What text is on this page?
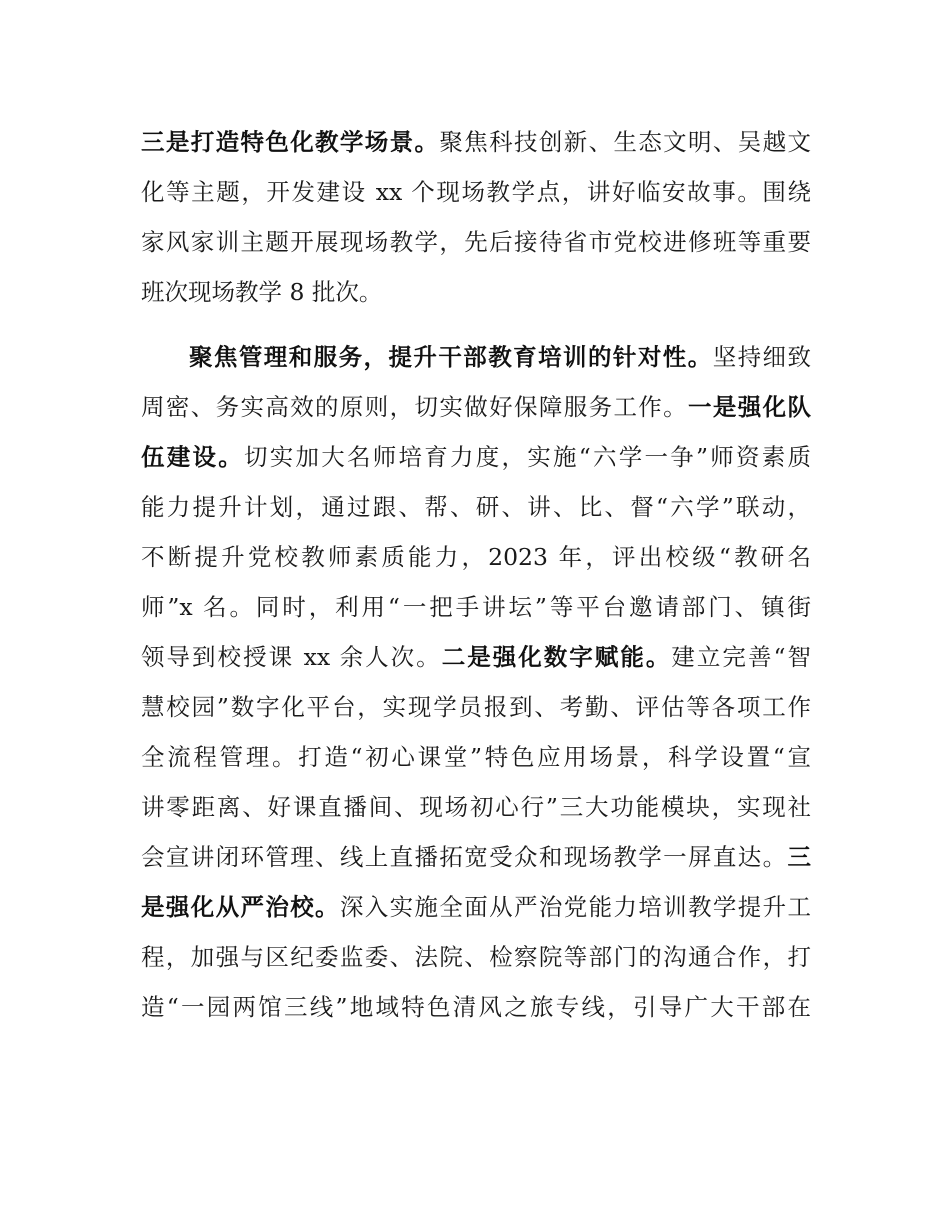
三是打造特色化教学场景。聚焦科技创新、生态文明、吴越文
化等主题，开发建设 xx 个现场教学点，讲好临安故事。围绕
家风家训主题开展现场教学，先后接待省市党校进修班等重要
班次现场教学 8 批次。
聚焦管理和服务，提升干部教育培训的针对性。坚持细致
周密、务实高效的原则，切实做好保障服务工作。一是强化队
伍建设。切实加大名师培育力度，实施“六学一争”师资素质
能力提升计划，通过跟、帮、研、讲、比、督“六学”联动，
不断提升党校教师素质能力，2023 年，评出校级“教研名
师”x 名。同时，利用“一把手讲坛”等平台邀请部门、镇街
领导到校授课 xx 余人次。二是强化数字赋能。建立完善“智
慧校园”数字化平台，实现学员报到、考勤、评估等各项工作
全流程管理。打造“初心课堂”特色应用场景，科学设置“宣
讲零距离、好课直播间、现场初心行”三大功能模块，实现社
会宣讲闭环管理、线上直播拓宽受众和现场教学一屏直达。三
是强化从严治校。深入实施全面从严治党能力培训教学提升工
程，加强与区纪委监委、法院、检察院等部门的沟通合作，打
造“一园两馆三线”地域特色清风之旅专线，引导广大干部在
